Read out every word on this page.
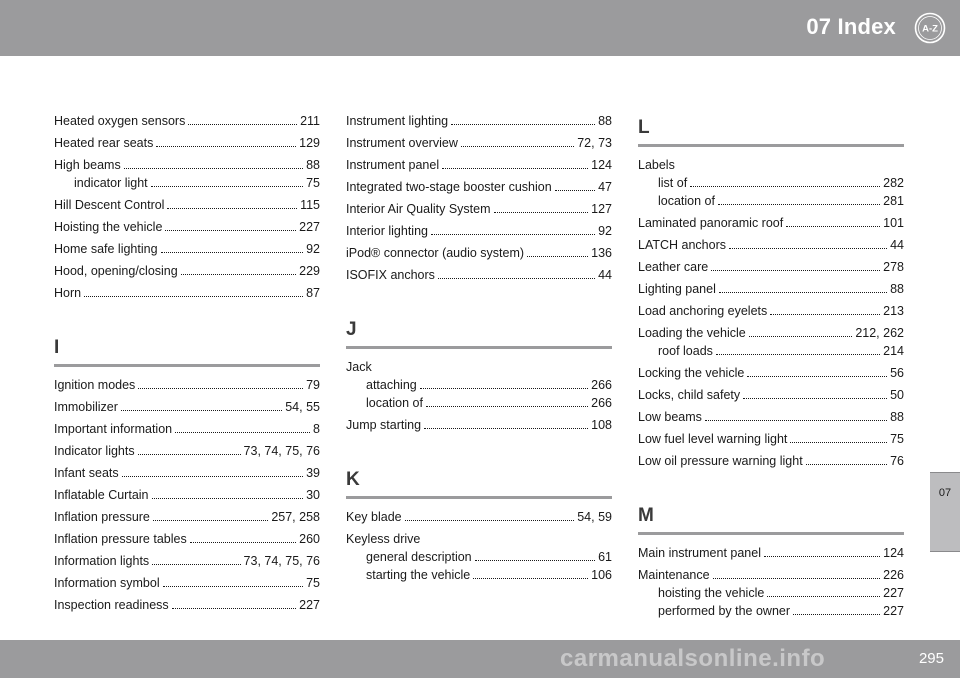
07 Index	A-Z
07
Heated oxygen sensors	211
Heated rear seats	129
High beams	88
indicator light	75
Hill Descent Control	115
Hoisting the vehicle	227
Home safe lighting	92
Hood, opening/closing	229
Horn	87
I
Ignition modes	79
Immobilizer	54, 55
Important information	8
Indicator lights	73, 74, 75, 76
Infant seats	39
Inflatable Curtain	30
Inflation pressure	257, 258
Inflation pressure tables	260
Information lights	73, 74, 75, 76
Information symbol	75
Inspection readiness	227
Instrument lighting	88
Instrument overview	72, 73
Instrument panel	124
Integrated two-stage booster cushion	47
Interior Air Quality System	127
Interior lighting	92
iPod® connector (audio system)	136
ISOFIX anchors	44
J
Jack
attaching	266
location of	266
Jump starting	108
K
Key blade	54, 59
Keyless drive
general description	61
starting the vehicle	106
L
Labels
list of	282
location of	281
Laminated panoramic roof	101
LATCH anchors	44
Leather care	278
Lighting panel	88
Load anchoring eyelets	213
Loading the vehicle	212, 262
roof loads	214
Locking the vehicle	56
Locks, child safety	50
Low beams	88
Low fuel level warning light	75
Low oil pressure warning light	76
M
Main instrument panel	124
Maintenance	226
hoisting the vehicle	227
performed by the owner	227
295
carmanualsonline.info
